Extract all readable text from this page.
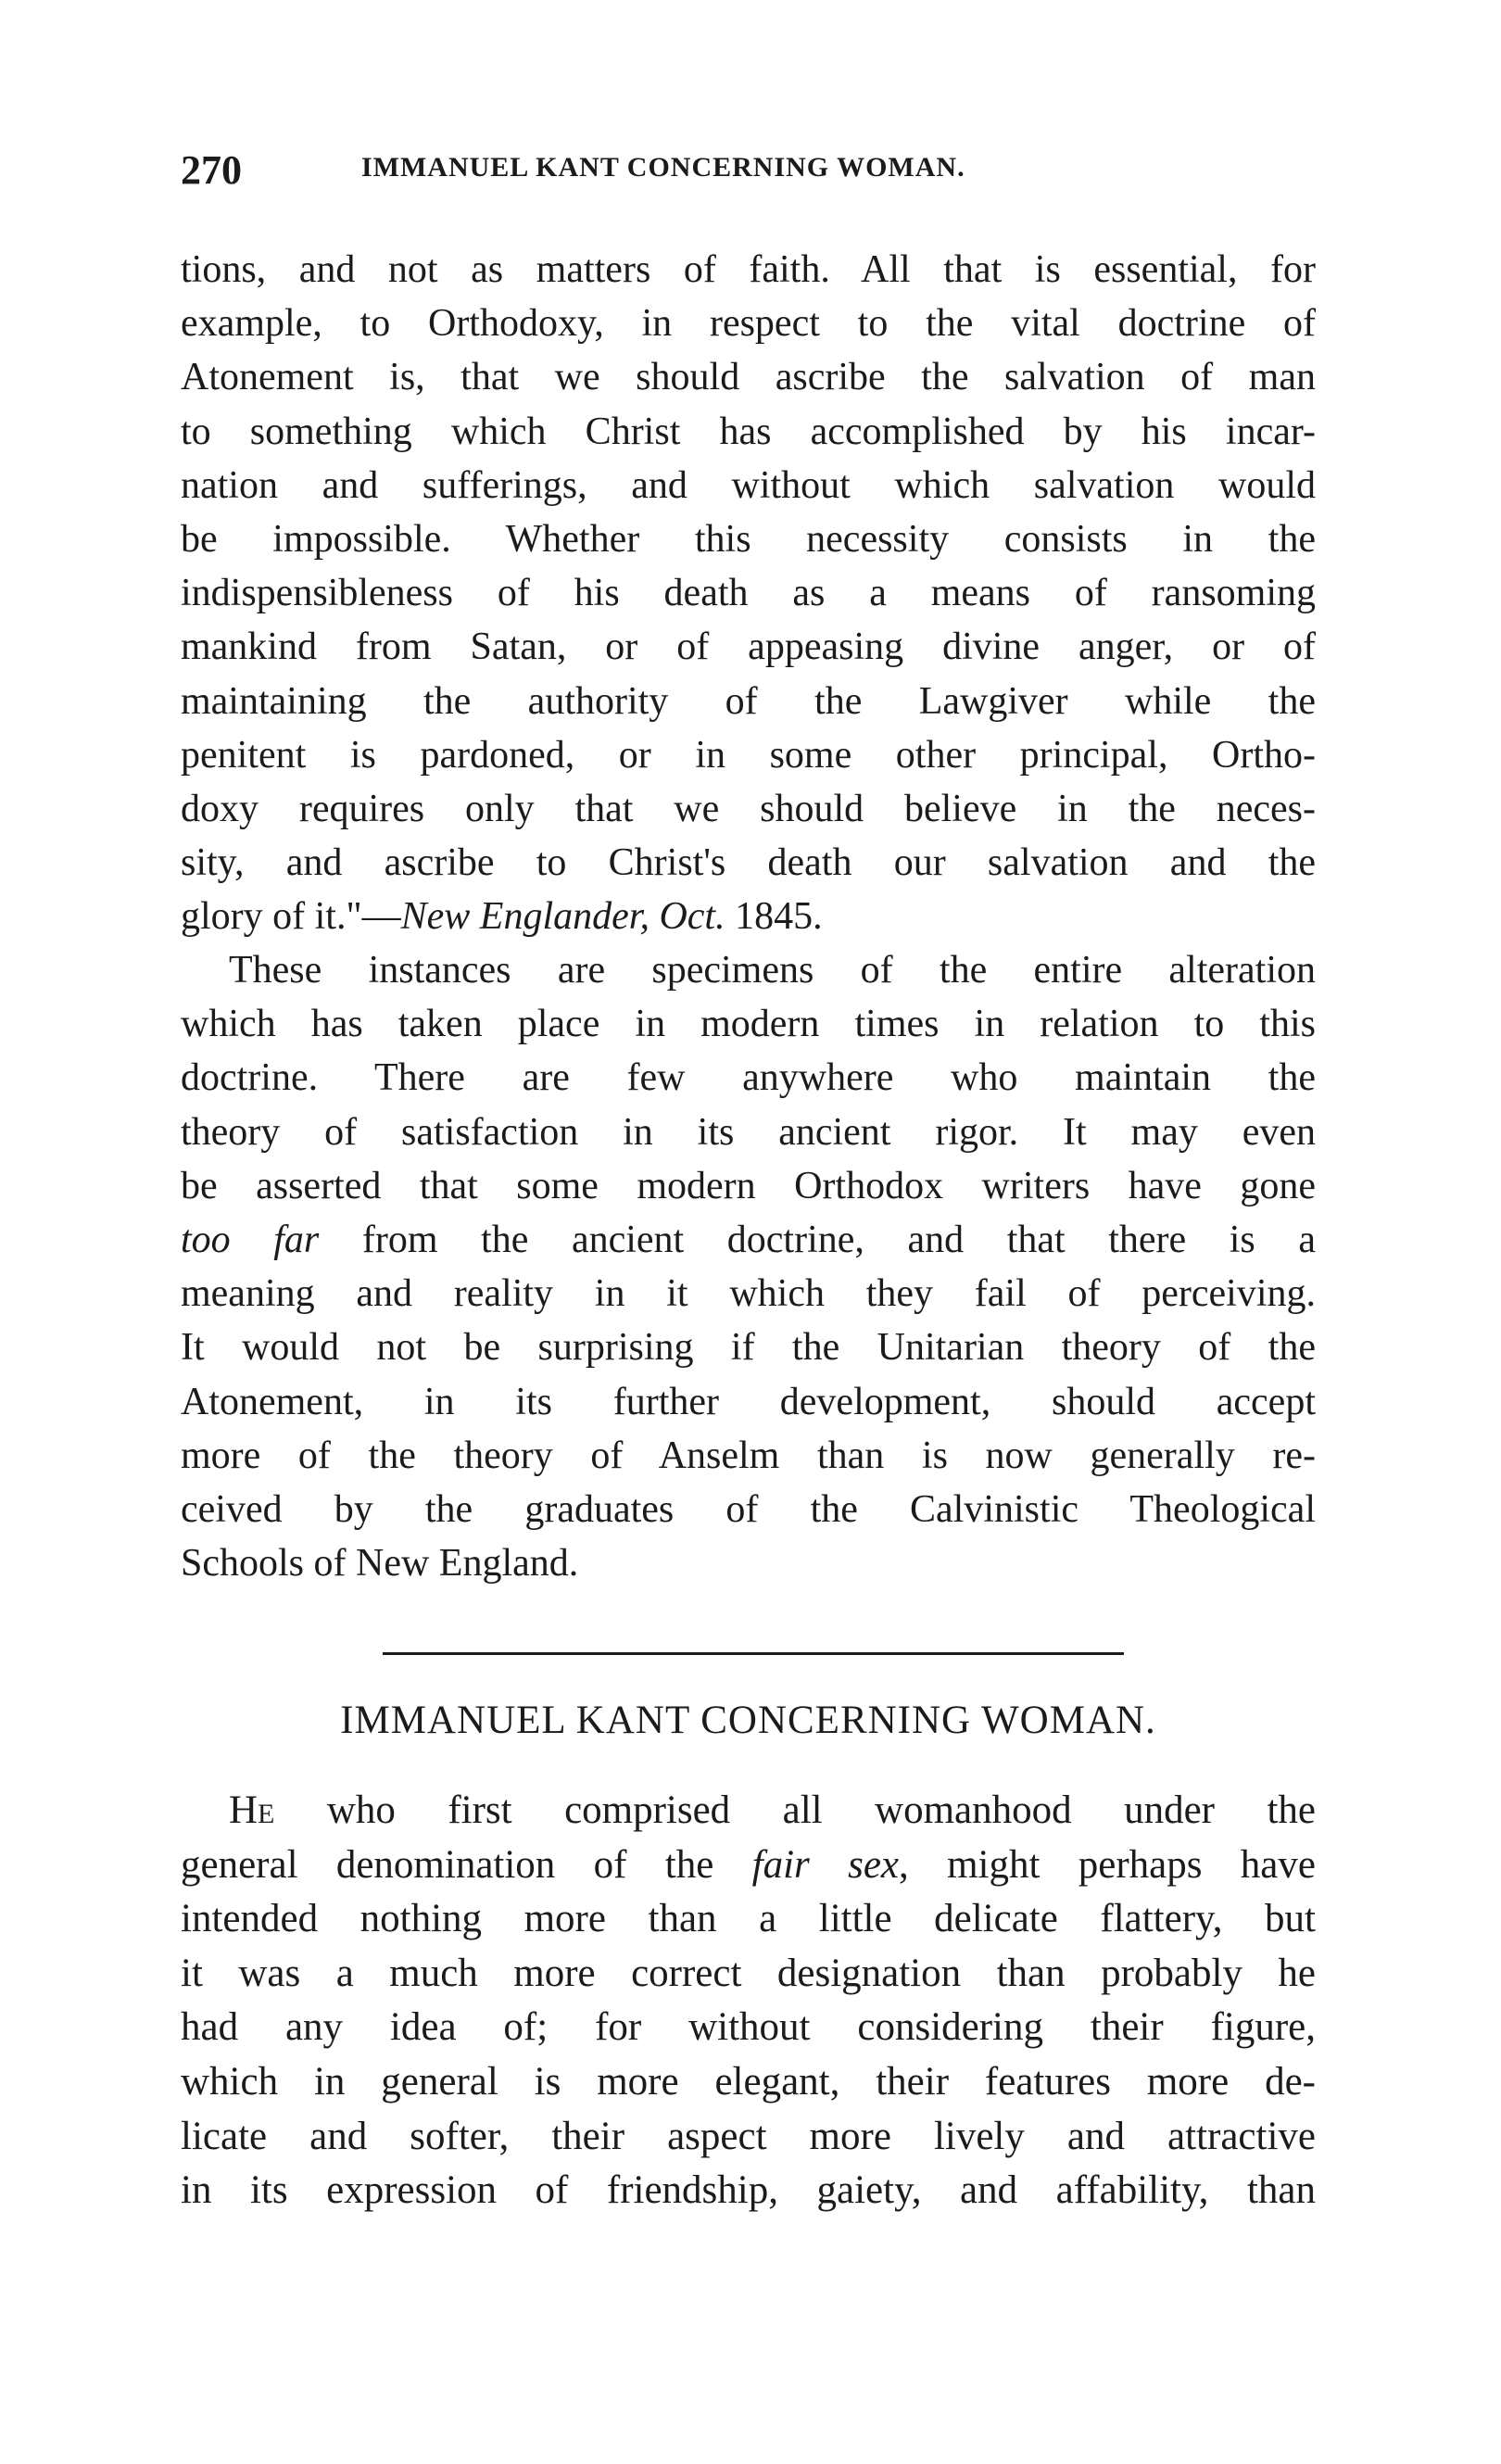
270	IMMANUEL KANT CONCERNING WOMAN.
tions, and not as matters of faith. All that is essential, for
example, to Orthodoxy, in respect to the vital doctrine of
Atonement is, that we should ascribe the salvation of man
to something which Christ has accomplished by his incar-
nation and sufferings, and without which salvation would
be impossible. Whether this necessity consists in the
indispensibleness of his death as a means of ransoming
mankind from Satan, or of appeasing divine anger, or of
maintaining the authority of the Lawgiver while the
penitent is pardoned, or in some other principal, Ortho-
doxy requires only that we should believe in the neces-
sity, and ascribe to Christ's death our salvation and the
glory of it."—New Englander, Oct. 1845.
These instances are specimens of the entire alteration
which has taken place in modern times in relation to this
doctrine. There are few anywhere who maintain the
theory of satisfaction in its ancient rigor. It may even
be asserted that some modern Orthodox writers have gone
too far from the ancient doctrine, and that there is a
meaning and reality in it which they fail of perceiving.
It would not be surprising if the Unitarian theory of the
Atonement, in its further development, should accept
more of the theory of Anselm than is now generally re-
ceived by the graduates of the Calvinistic Theological
Schools of New England.
IMMANUEL KANT CONCERNING WOMAN.
He who first comprised all womanhood under the
general denomination of the fair sex, might perhaps have
intended nothing more than a little delicate flattery, but
it was a much more correct designation than probably he
had any idea of; for without considering their figure,
which in general is more elegant, their features more de-
licate and softer, their aspect more lively and attractive
in its expression of friendship, gaiety, and affability, than
